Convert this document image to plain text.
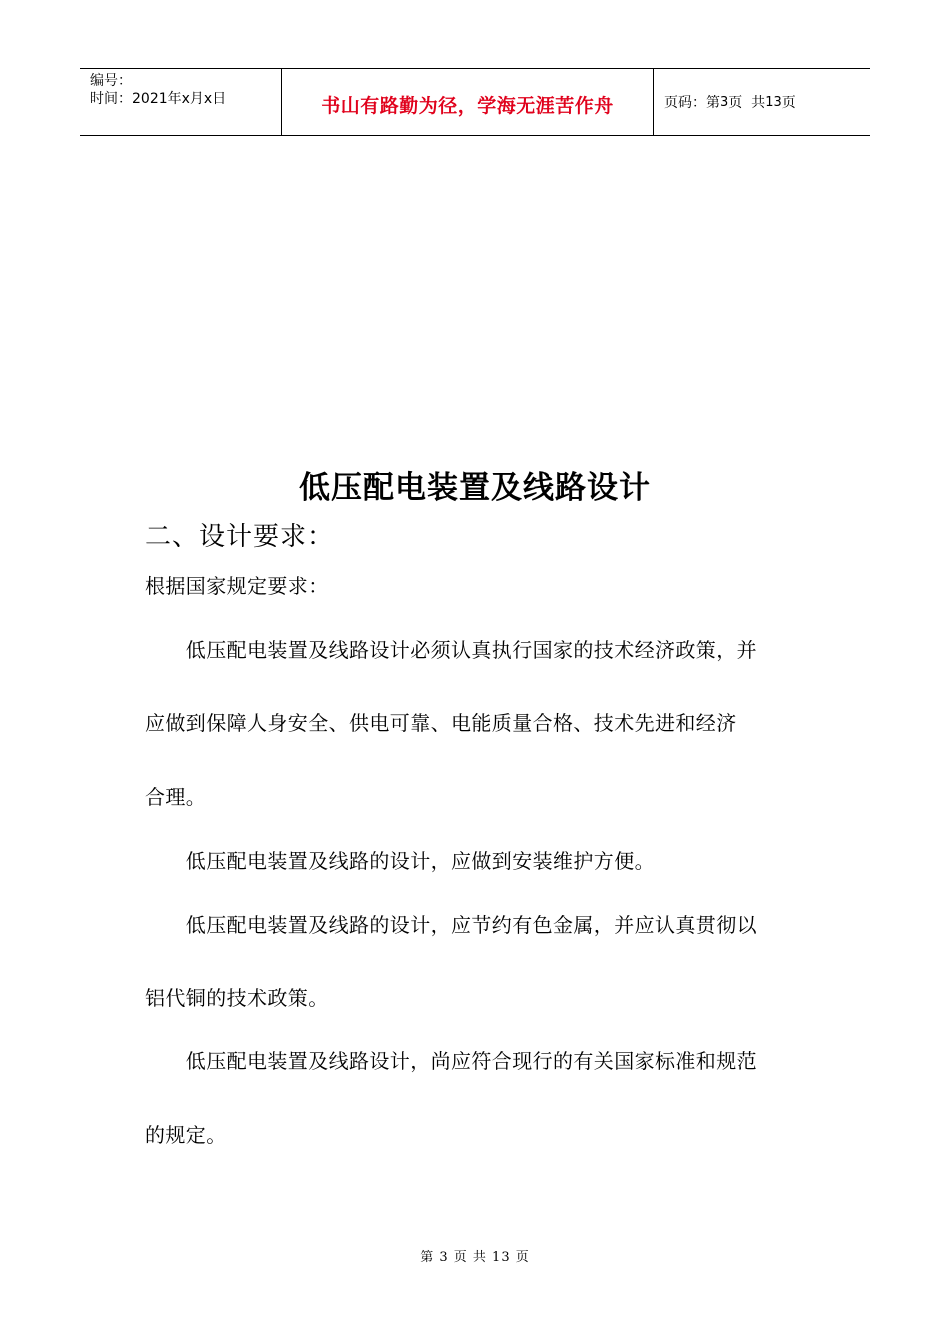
编号：
时间：2021年x月x日	书山有路勤为径，学海无涯苦作舟	页码：第 3 页  共 13 页
低压配电装置及线路设计
二、设计要求：
根据国家规定要求：
　　低压配电装置及线路设计必须认真执行国家的技术经济政策，并
应做到保障人身安全、供电可靠、电能质量合格、技术先进和经济
合理。
　　低压配电装置及线路的设计，应做到安装维护方便。
　　低压配电装置及线路的设计，应节约有色金属，并应认真贯彻以
铝代铜的技术政策。
　　低压配电装置及线路设计，尚应符合现行的有关国家标准和规范
的规定。
第 3 页 共 13 页
